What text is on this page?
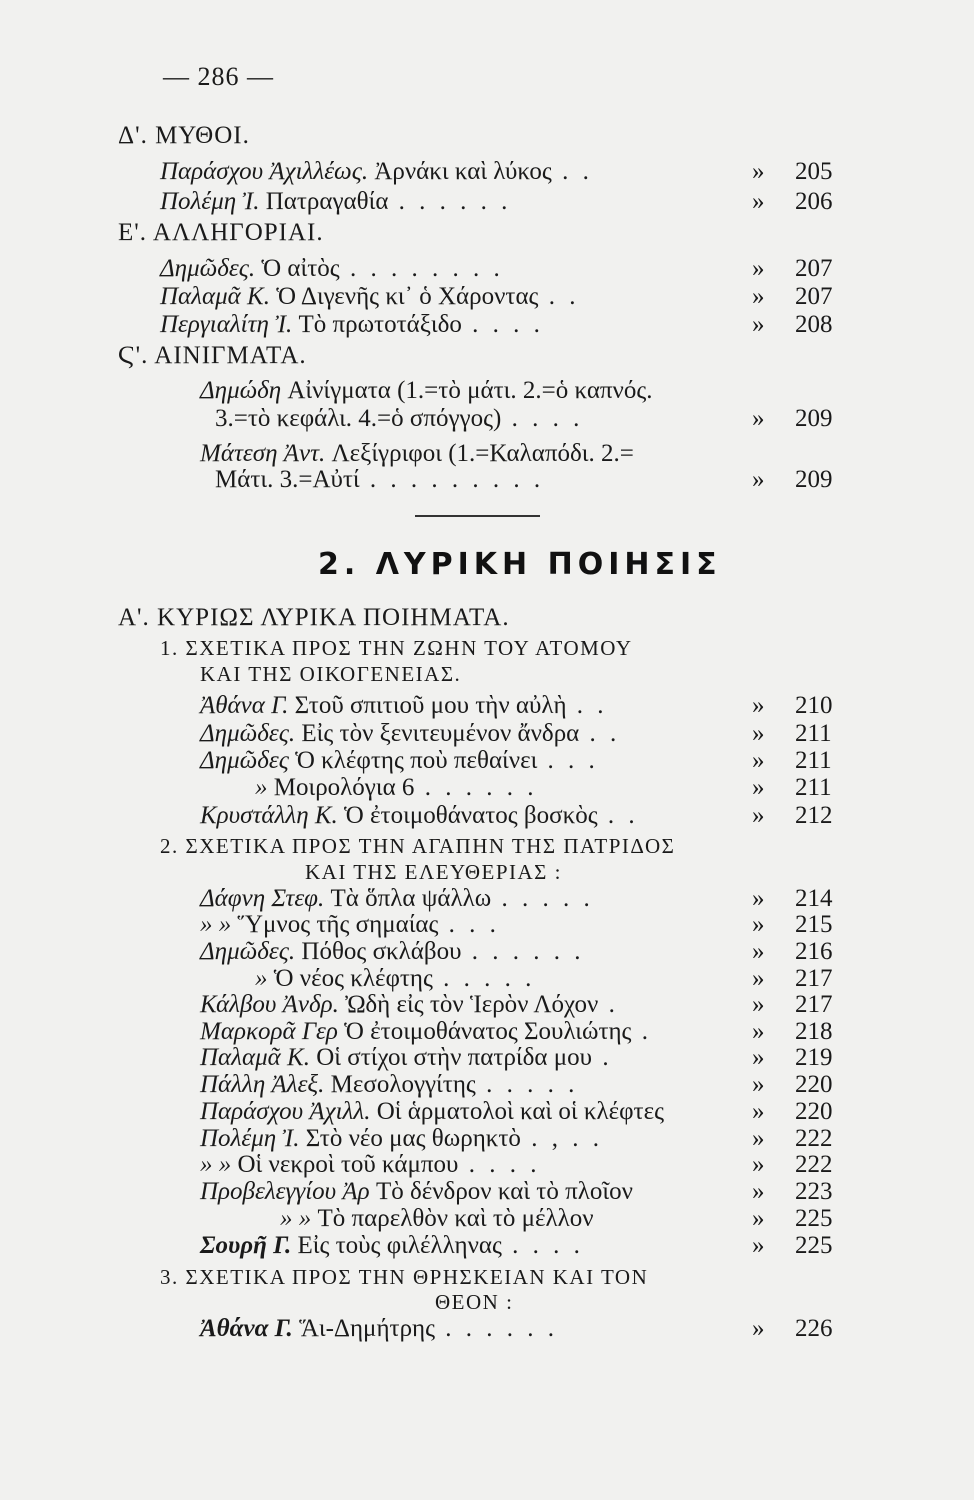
— 286 —
2. ΛΥΡΙΚΗ ΠΟΙΗΣΙΣ
Δ'. ΜΥΘΟΙ.
Παράσχου Ἀχιλλέως. Ἀρνάκι καὶ λύκος . .	» 205
Πολέμη Ἰ. Πατραγαθία . . . . . .	» 206
Ε'. ΑΛΛΗΓΟΡΙΑΙ.
Δημῶδες. Ὁ αἰτὸς . . . . . . . .	» 207
Παλαμᾶ Κ. Ὁ Διγενῆς κι᾽ ὁ Χάροντας . .	» 207
Περγιαλίτη Ἰ. Τὸ πρωτοτάξιδο . . . .	» 208
Ϛ'. ΑΙΝΙΓΜΑΤΑ.
Δημώδη Αἰνίγματα (1.=τὸ μάτι. 2.=ὁ καπνός.
3.=τὸ κεφάλι. 4.=ὁ σπόγγος) . . . .	» 209
Μάτεση Ἀντ. Λεξίγριφοι (1.=Καλαπόδι. 2.=
Μάτι. 3.=Αὐτί . . . . . . . . .	» 209
Α'. ΚΥΡΙΩΣ ΛΥΡΙΚΑ ΠΟΙΗΜΑΤΑ.
1. ΣΧΕΤΙΚΑ ΠΡΟΣ ΤΗΝ ΖΩΗΝ ΤΟΥ ΑΤΟΜΟΥ
ΚΑΙ ΤΗΣ ΟΙΚΟΓΕΝΕΙΑΣ.
Ἀθάνα Γ. Στοῦ σπιτιοῦ μου τὴν αὐλὴ . .	» 210
Δημῶδες. Εἰς τὸν ξενιτευμένον ἄνδρα . .	» 211
Δημῶδες Ὁ κλέφτης ποὺ πεθαίνει . . .	» 211
» Μοιρολόγια 6 . . . . . .	» 211
Κρυστάλλη Κ. Ὁ ἐτοιμοθάνατος βοσκὸς . .	» 212
2. ΣΧΕΤΙΚΑ ΠΡΟΣ ΤΗΝ ΑΓΑΠΗΝ ΤΗΣ ΠΑΤΡΙΔΟΣ
ΚΑΙ ΤΗΣ ΕΛΕΥΘΕΡΙΑΣ :
Δάφνη Στεφ. Τὰ ὅπλα ψάλλω . . . . .	» 214
» » Ὕμνος τῆς σημαίας . . .	» 215
Δημῶδες. Πόθος σκλάβου . . . . . .	» 216
» Ὁ νέος κλέφτης . . . . .	» 217
Κάλβου Ἀνδρ. Ὠδὴ εἰς τὸν Ἱερὸν Λόχον .	» 217
Μαρκορᾶ Γερ Ὁ ἐτοιμοθάνατος Σουλιώτης .	» 218
Παλαμᾶ Κ. Οἱ στίχοι στὴν πατρίδα μου .	» 219
Πάλλη Ἀλεξ. Μεσολογγίτης . . . . .	» 220
Παράσχου Ἀχιλλ. Οἱ ἁρματολοὶ καὶ οἱ κλέφτες	» 220
Πολέμη Ἰ. Στὸ νέο μας θωρηκτὸ . , . .	» 222
» » Οἱ νεκροὶ τοῦ κάμπου . . . .	» 222
Προβελεγγίου Ἀρ Τὸ δένδρον καὶ τὸ πλοῖον	» 223
» » Τὸ παρελθὸν καὶ τὸ μέλλον	» 225
Σουρῆ Γ. Εἰς τοὺς φιλέλληνας . . . .	» 225
3. ΣΧΕΤΙΚΑ ΠΡΟΣ ΤΗΝ ΘΡΗΣΚΕΙΑΝ ΚΑΙ ΤΟΝ
ΘΕΟΝ :
Ἀθάνα Γ. Ἅι-Δημήτρης . . . . . .	» 226
